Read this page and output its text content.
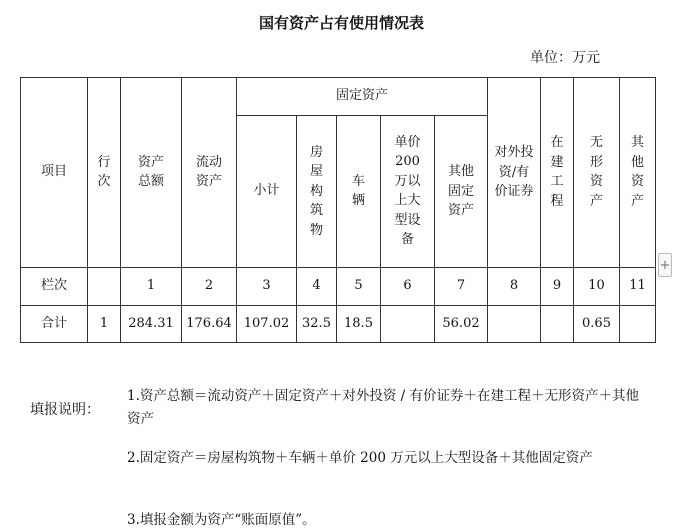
国有资产占有使用情况表
单位：万元
项目	行次	资产总额	流动资产	固定资产					对外投资/有价证券	在建工程	无形资产	其他资产
				小计	房屋构筑物	车辆	单价200万以上大型设备	其他固定资产				

栏次		1	2	3	4	5	6	7	8	9	10	11
合计	1	284.31	176.64	107.02	32.5	18.5		56.02			0.65	
+
填报说明：
1.资产总额＝流动资产＋固定资产＋对外投资 / 有价证券＋在建工程＋无形资产＋其他资产
2.固定资产＝房屋构筑物＋车辆＋单价 200 万元以上大型设备＋其他固定资产
3.填报金额为资产“账面原值”。
